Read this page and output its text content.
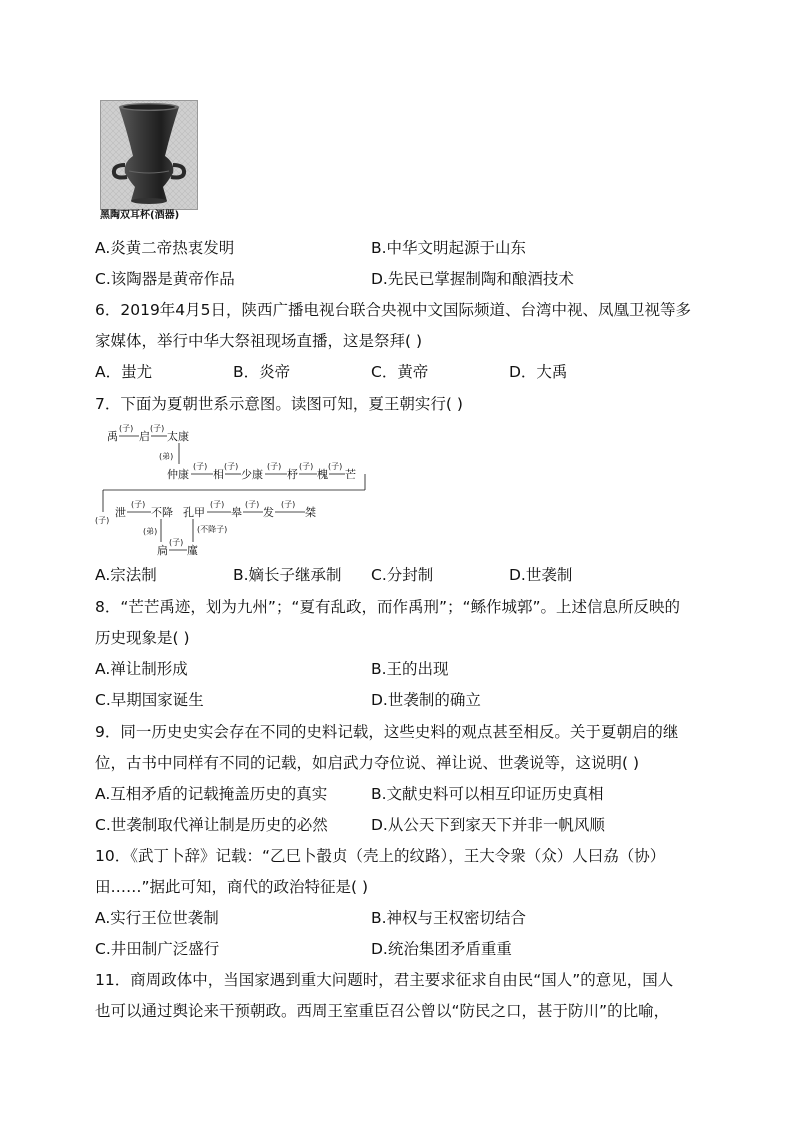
黑陶双耳杯(酒器)
A.炎黄二帝热衷发明	B.中华文明起源于山东
C.该陶器是黄帝作品	D.先民已掌握制陶和酿酒技术
6．2019年4月5日，陕西广播电视台联合央视中文国际频道、台湾中视、凤凰卫视等多
家媒体，举行中华大祭祖现场直播，这是祭拜( )
A．蚩尤	B．炎帝	C．黄帝	D．大禹
7．下面为夏朝世系示意图。读图可知，夏王朝实行( )
禹
(子)
启
(子)
太康
(弟)
仲康
(子)
相
(子)
少康
(子)
杼
(子)
槐
(子)
芒
(子)
泄
(子)
不降 孔甲
(子)
皋
(子)
发
(子)
桀
(弟)	(不降子)
扃
(子)
廑
A.宗法制	B.嫡长子继承制 C.分封制	D.世袭制
8．“芒芒禹迹，划为九州”；“夏有乱政，而作禹刑”；“鲧作城郭”。上述信息所反映的
历史现象是( )
A.禅让制形成	B.王的出现
C.早期国家诞生	D.世袭制的确立
9．同一历史史实会存在不同的史料记载，这些史料的观点甚至相反。关于夏朝启的继
位，古书中同样有不同的记载，如启武力夺位说、禅让说、世袭说等，这说明( )
A.互相矛盾的记载掩盖历史的真实	B.文献史料可以相互印证历史真相
C.世袭制取代禅让制是历史的必然	D.从公天下到家天下并非一帆风顺
10．《武丁卜辞》记载：“乙巳卜瞉贞（壳上的纹路），王大令衆（众）人曰劦（协）
田……”据此可知，商代的政治特征是( )
A.实行王位世袭制	B.神权与王权密切结合
C.井田制广泛盛行	D.统治集团矛盾重重
11．商周政体中，当国家遇到重大问题时，君主要求征求自由民“国人”的意见，国人
也可以通过舆论来干预朝政。西周王室重臣召公曾以“防民之口，甚于防川”的比喻，
